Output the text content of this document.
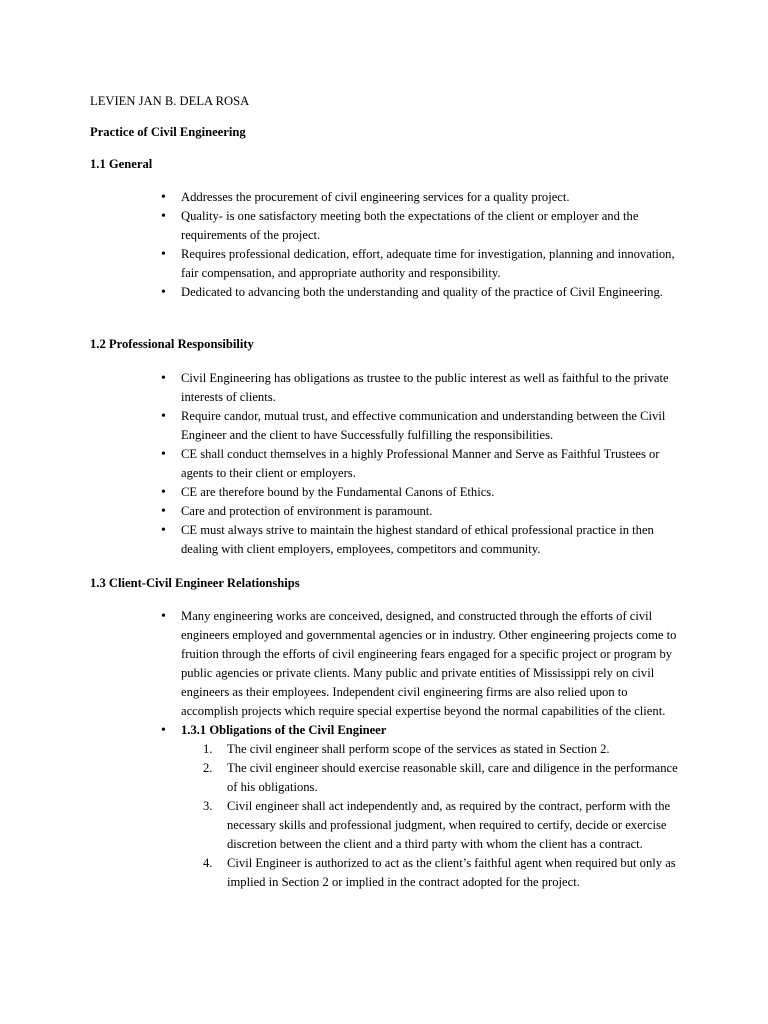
LEVIEN JAN B. DELA ROSA
Practice of Civil Engineering
1.1 General
• Addresses the procurement of civil engineering services for a quality project.
• Quality- is one satisfactory meeting both the expectations of the client or employer and the        requirements of the project.
• Requires professional dedication, effort, adequate time for investigation, planning and innovation, fair compensation, and appropriate authority and responsibility.
• Dedicated to advancing both the understanding and quality of the practice of Civil Engineering.
1.2 Professional Responsibility
• Civil Engineering has obligations as trustee to the public interest as well as faithful to the private interests of clients.
• Require candor, mutual trust, and effective communication and understanding between the Civil Engineer and the client to have Successfully fulfilling the responsibilities.
• CE shall conduct themselves in a highly Professional Manner and Serve as Faithful Trustees or agents to their client or employers.
• CE are therefore bound by the Fundamental Canons of Ethics.
• Care and protection of environment is paramount.
• CE must always strive to maintain the highest standard of ethical professional practice in then dealing with client employers, employees, competitors and community.
1.3 Client-Civil Engineer Relationships
• Many engineering works are conceived, designed, and constructed through the efforts of civil engineers employed and governmental agencies or in industry. Other engineering projects come to fruition through the efforts of civil engineering fears engaged for a specific project or program by public agencies or private clients. Many public and private entities of Mississippi rely on civil engineers as their employees. Independent civil engineering firms are also relied upon to accomplish projects which require special expertise beyond the normal capabilities of the client.
• 1.3.1 Obligations of the Civil Engineer
1. The civil engineer shall perform scope of the services as stated in Section 2.
2. The civil engineer should exercise reasonable skill, care and diligence in the performance of his obligations.
3. Civil engineer shall act independently and, as required by the contract, perform with the necessary skills and professional judgment, when required to certify, decide or exercise discretion between the client and a third party with whom the client has a contract.
4. Civil Engineer is authorized to act as the client’s faithful agent when required but only as implied in Section 2 or implied in the contract adopted for the project.
